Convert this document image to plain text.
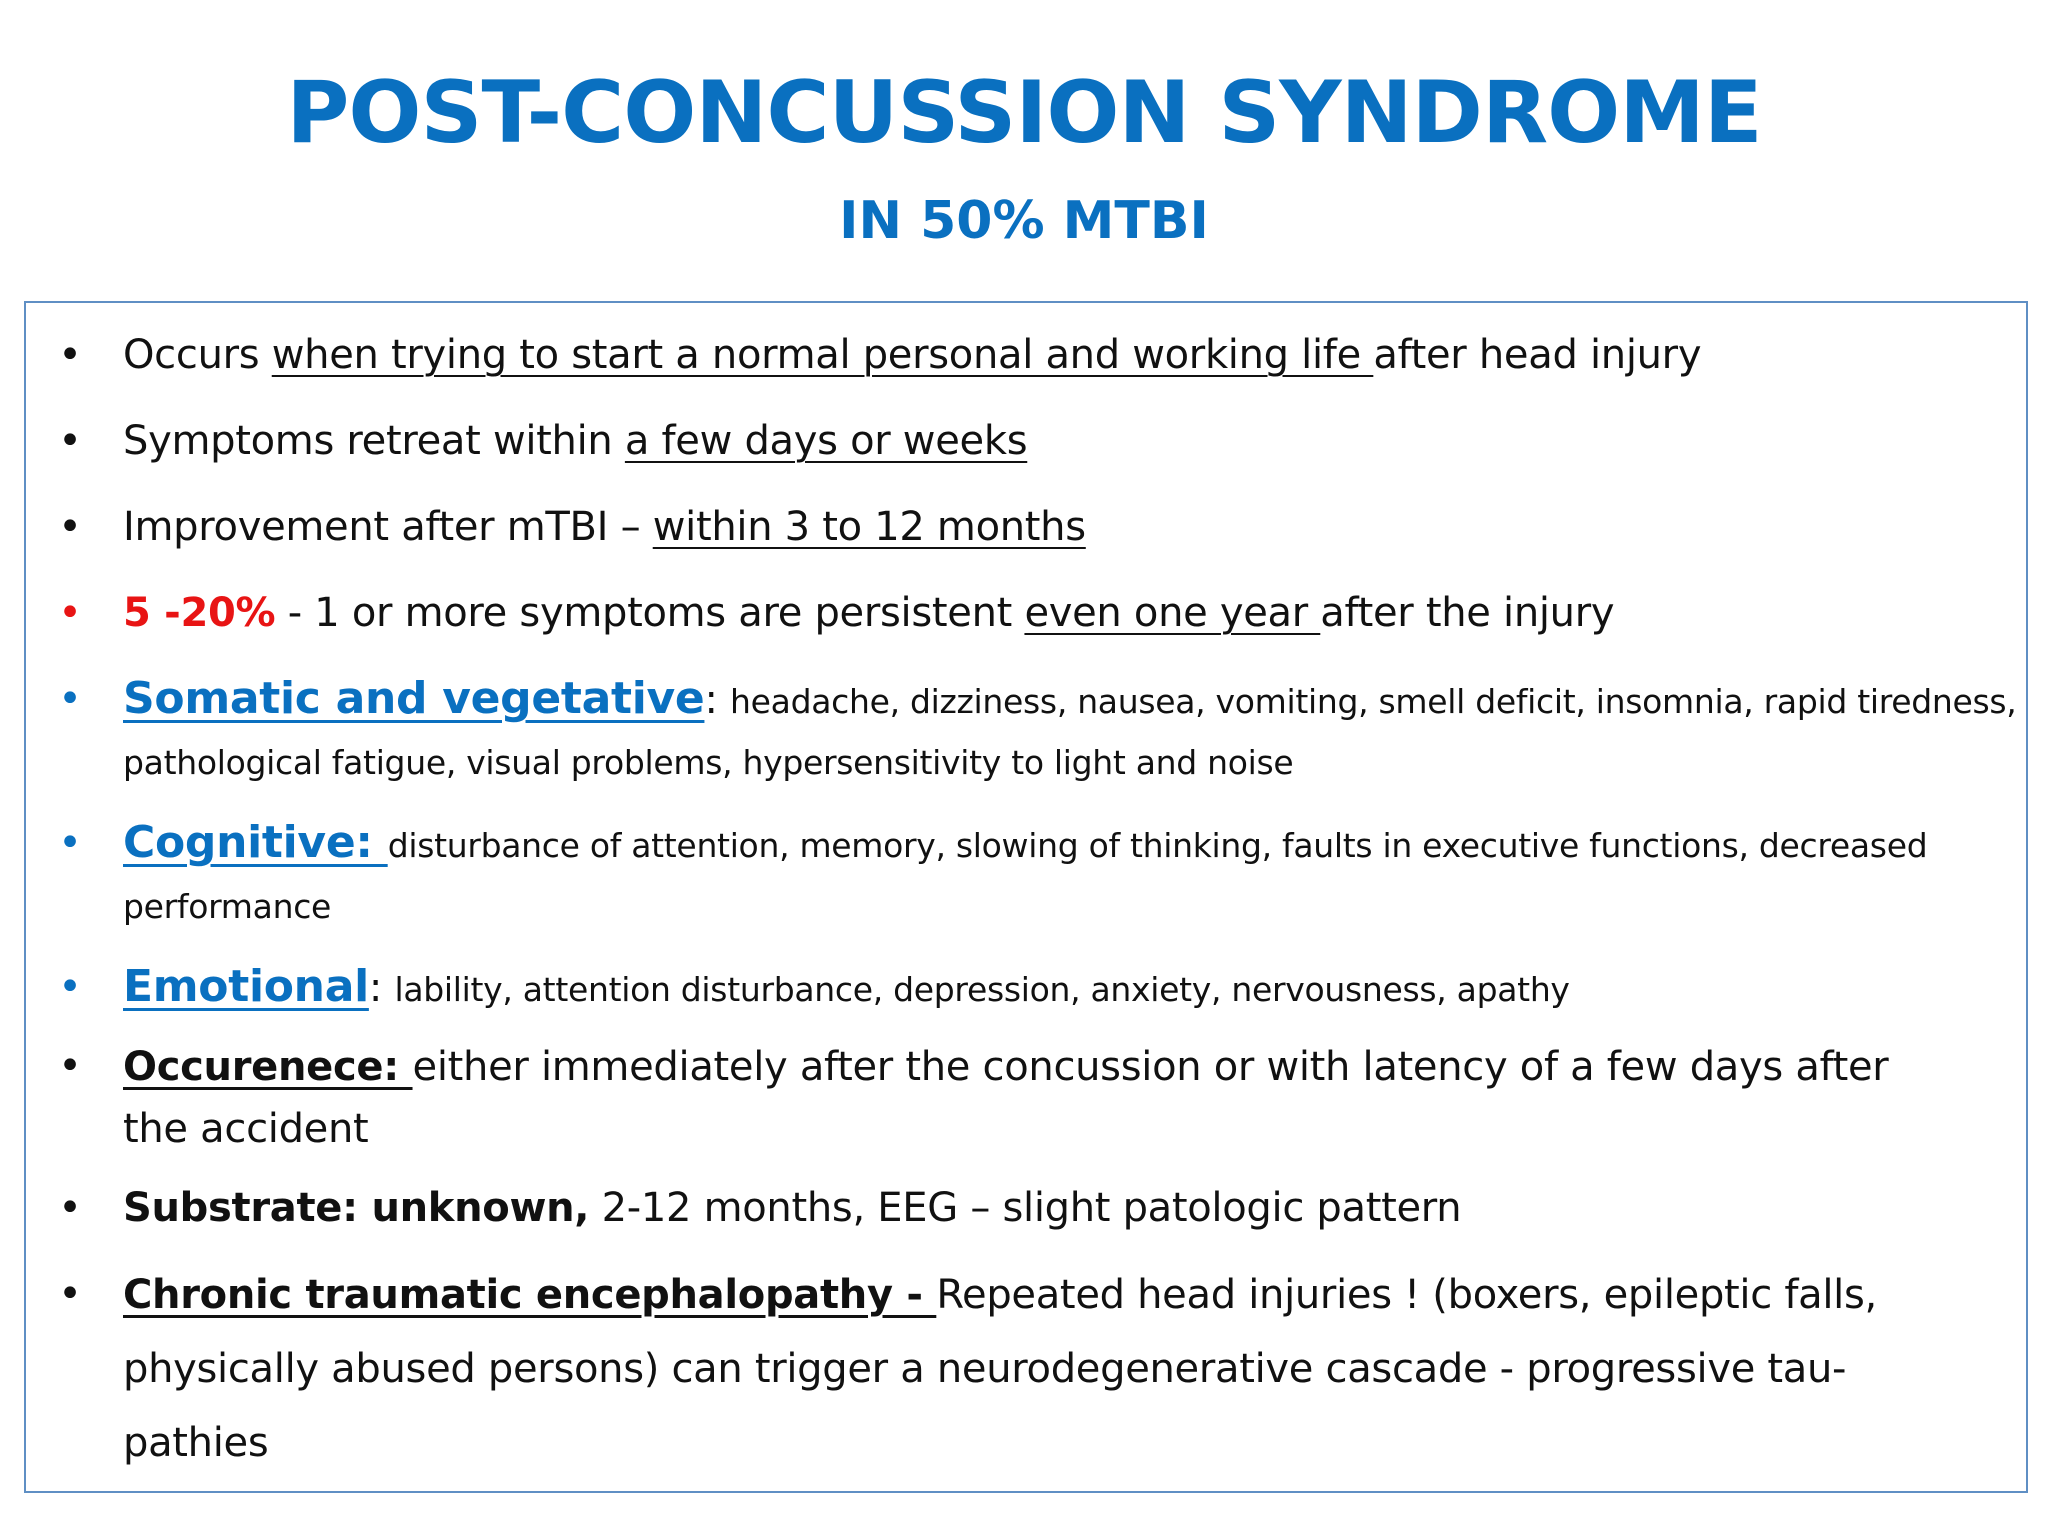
POST-CONCUSSION SYNDROME
IN 50% MTBI
• Occurs when trying to start a normal personal and working life after head injury
• Symptoms retreat within a few days or weeks
• Improvement after mTBI – within 3 to 12 months
• 5 -20% - 1 or more symptoms are persistent even one year after the injury
• Somatic and vegetative: headache, dizziness, nausea, vomiting, smell deficit, insomnia, rapid tiredness,
pathological fatigue, visual problems, hypersensitivity to light and noise
• Cognitive: disturbance of attention, memory, slowing of thinking, faults in executive functions, decreased
performance
• Emotional: lability, attention disturbance, depression, anxiety, nervousness, apathy
• Occurenece: either immediately after the concussion or with latency of a few days after
the accident
• Substrate: unknown, 2-12 months, EEG – slight patologic pattern
• Chronic traumatic encephalopathy - Repeated head injuries ! (boxers, epileptic falls,
physically abused persons) can trigger a neurodegenerative cascade - progressive tau-
pathies
